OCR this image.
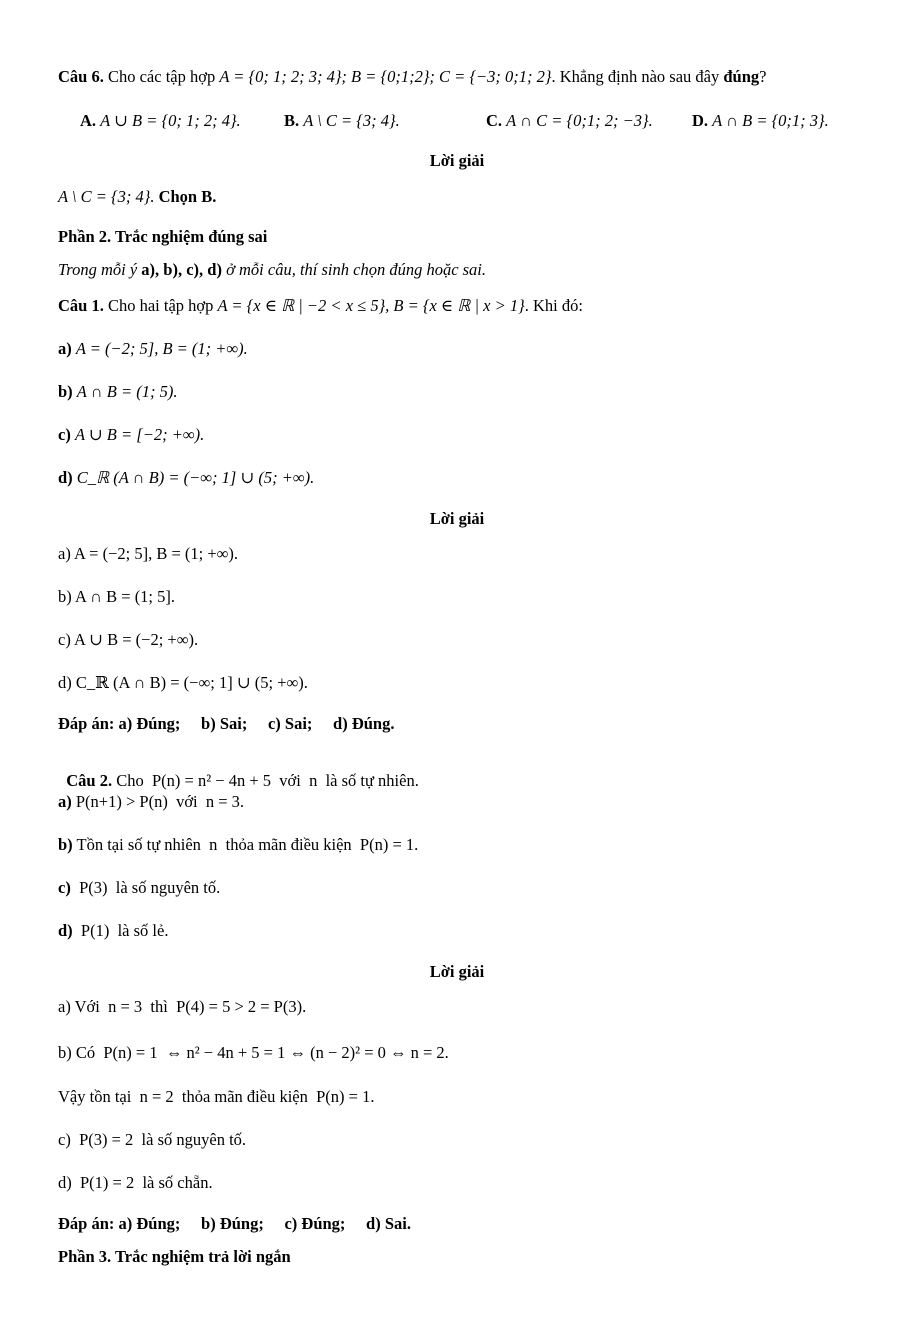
Câu 6. Cho các tập hợp A = {0; 1; 2; 3; 4}; B = {0;1;2}; C = {−3; 0;1; 2}. Khẳng định nào sau đây đúng?
A. A ∪ B = {0; 1; 2; 4}.	B. A \ C = {3; 4}.	C. A ∩ C = {0;1; 2; −3}. D. A ∩ B = {0;1; 3}.
Lời giải
A \ C = {3; 4}. Chọn B.
Phần 2. Trắc nghiệm đúng sai
Trong mỗi ý a), b), c), d) ở mỗi câu, thí sinh chọn đúng hoặc sai.
Câu 1. Cho hai tập hợp A = {x ∈ ℝ | −2 < x ≤ 5}, B = {x ∈ ℝ | x > 1}. Khi đó:
a) A = (−2; 5], B = (1; +∞).
b) A ∩ B = (1; 5).
c) A ∪ B = [−2; +∞).
d) C_ℝ (A ∩ B) = (−∞; 1] ∪ (5; +∞).
Lời giải
a) A = (−2; 5], B = (1; +∞).
b) A ∩ B = (1; 5].
c) A ∪ B = (−2; +∞).
d) C_ℝ (A ∩ B) = (−∞; 1] ∪ (5; +∞).
Đáp án: a) Đúng;     b) Sai;     c) Sai;     d) Đúng.

Câu 2. Cho  P(n) = n² − 4n + 5  với  n  là số tự nhiên.

a) P(n+1) > P(n)  với  n = 3.
b) Tồn tại số tự nhiên  n  thỏa mãn điều kiện  P(n) = 1.
c)  P(3)  là số nguyên tố.
d)  P(1)  là số lẻ.
Lời giải
a) Với  n = 3  thì  P(4) = 5 > 2 = P(3).
b) Có  P(n) = 1  ⇔ n² − 4n + 5 = 1 ⇔ (n − 2)² = 0 ⇔ n = 2.
Vậy tồn tại  n = 2  thỏa mãn điều kiện  P(n) = 1.
c)  P(3) = 2  là số nguyên tố.
d)  P(1) = 2  là số chẵn.
Đáp án: a) Đúng;     b) Đúng;     c) Đúng;     d) Sai.
Phần 3. Trắc nghiệm trả lời ngắn
